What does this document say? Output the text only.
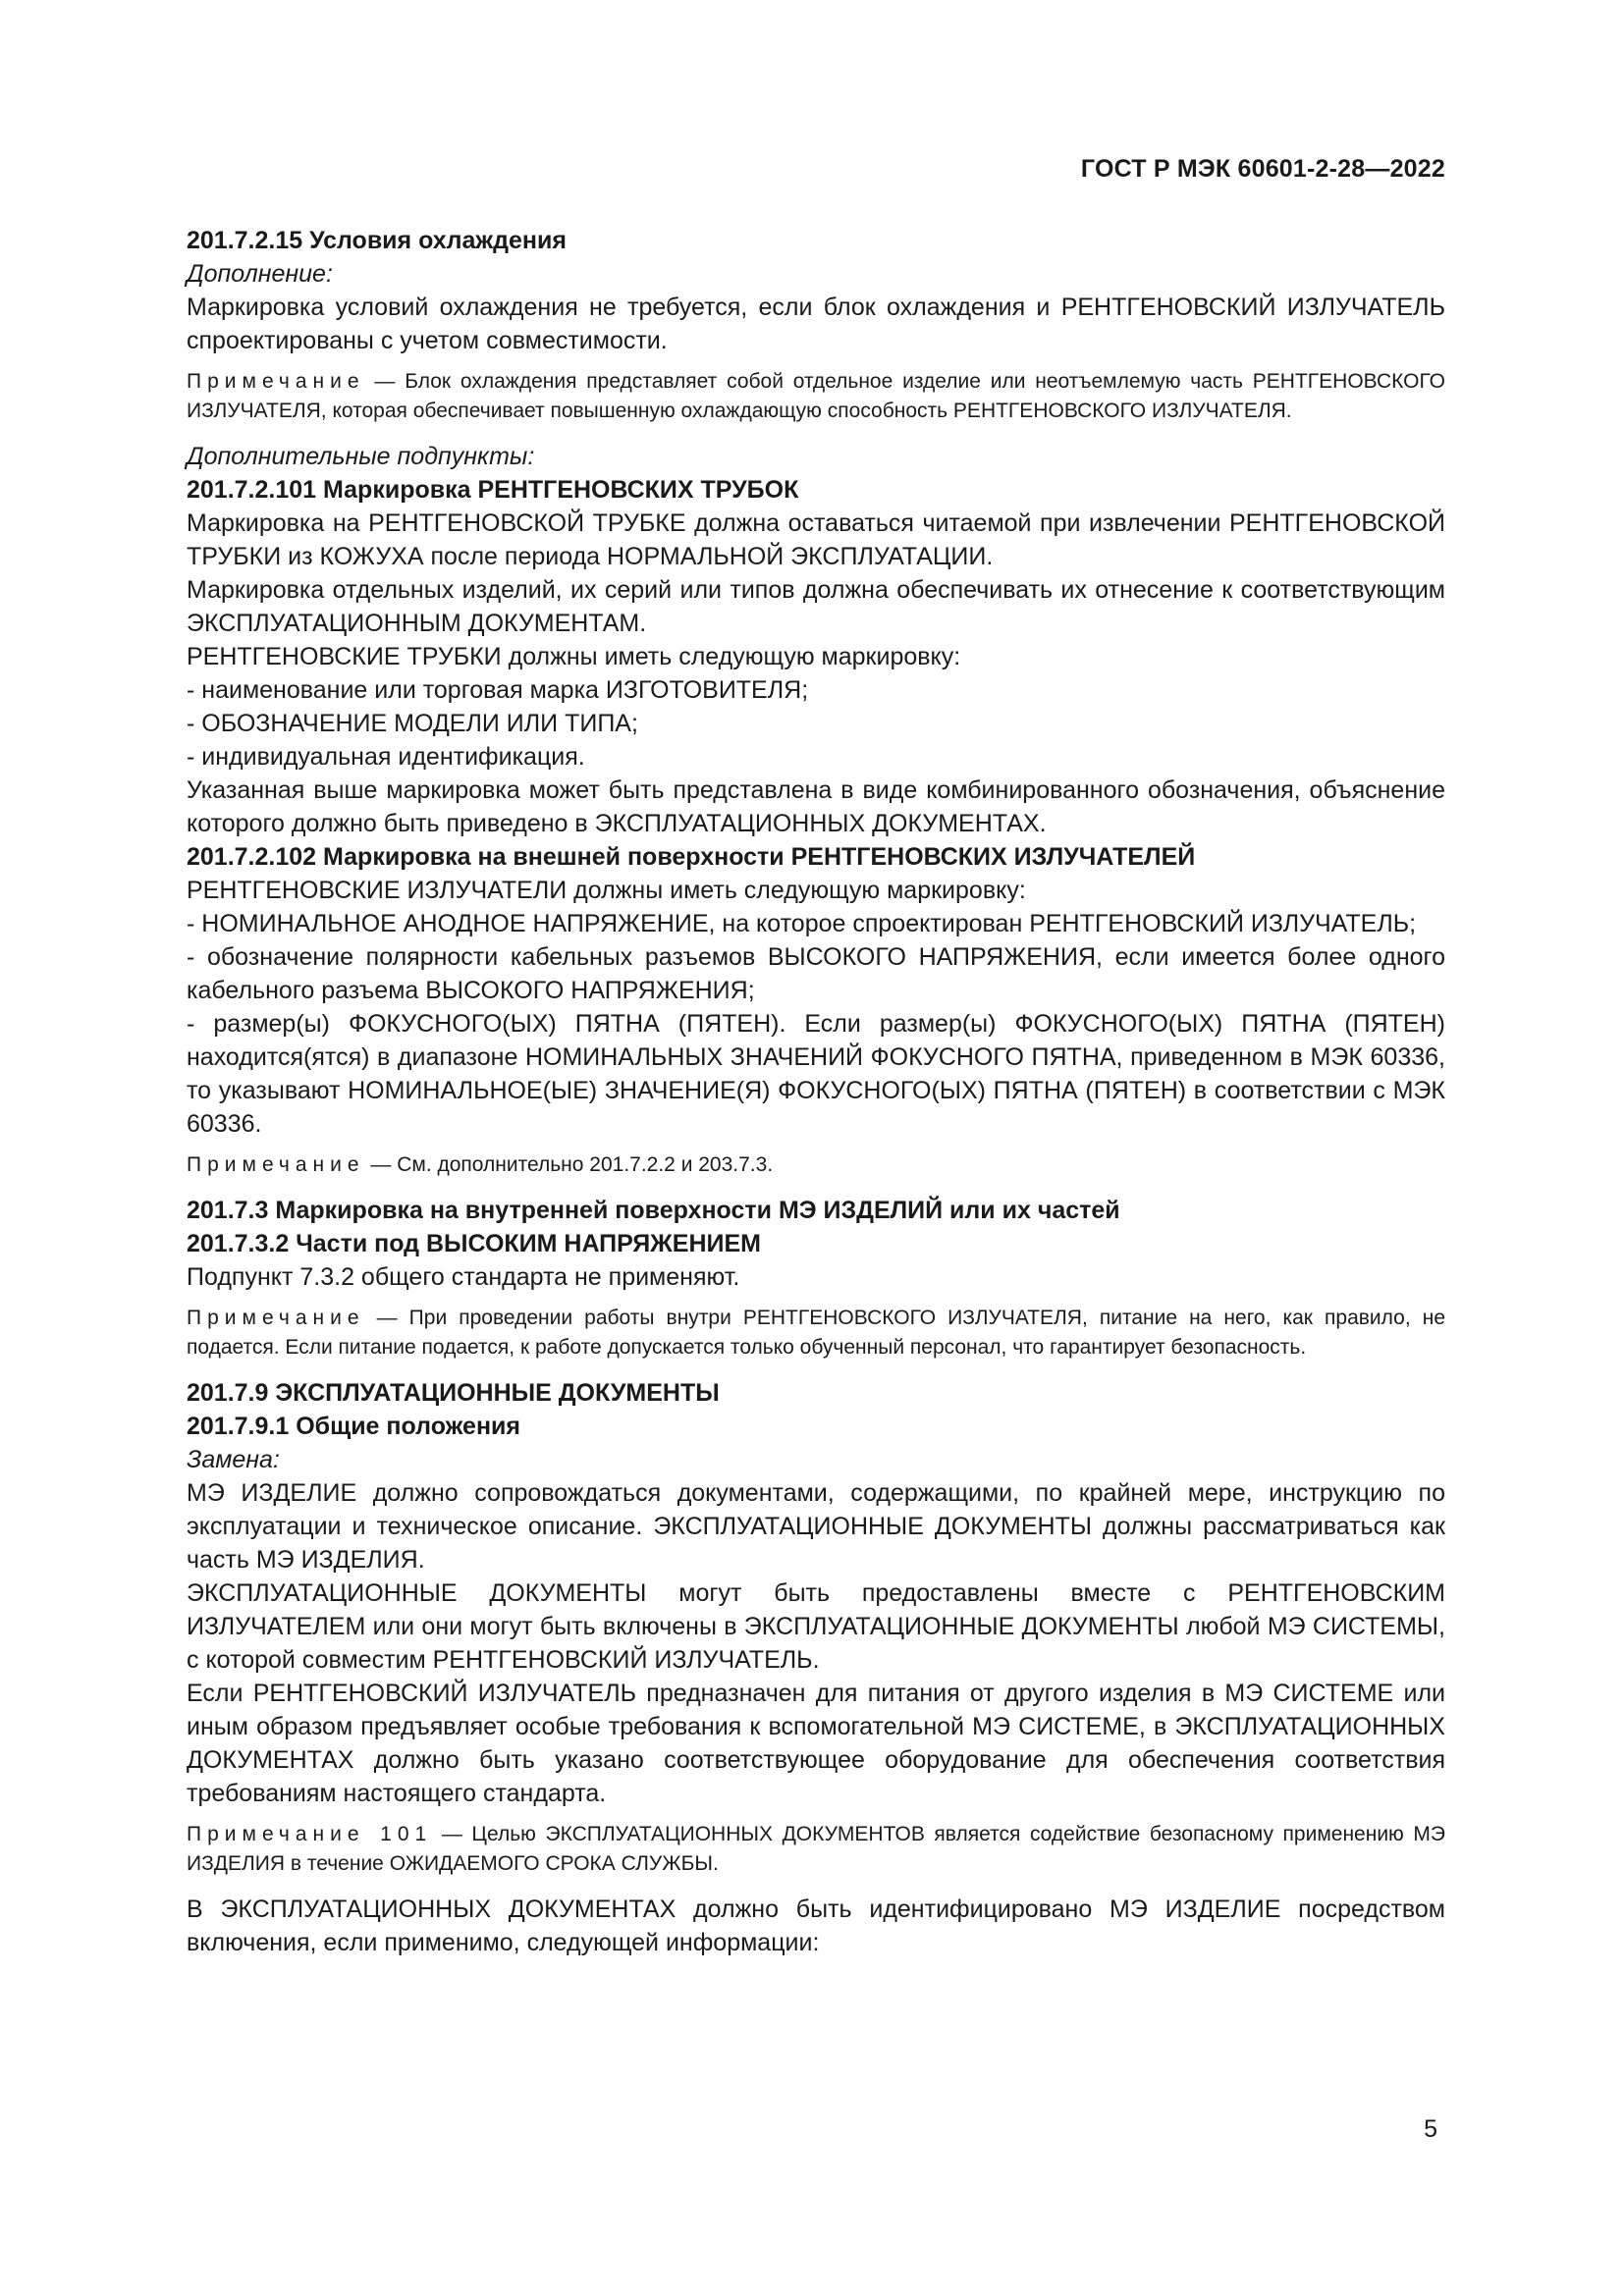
ГОСТ Р МЭК 60601-2-28—2022

201.7.2.15 Условия охлаждения

Дополнение:

Маркировка условий охлаждения не требуется, если блок охлаждения и РЕНТГЕНОВСКИЙ ИЗЛУЧАТЕЛЬ спроектированы с учетом совместимости.

Примечание — Блок охлаждения представляет собой отдельное изделие или неотъемлемую часть РЕНТГЕНОВСКОГО ИЗЛУЧАТЕЛЯ, которая обеспечивает повышенную охлаждающую способность РЕНТГЕНОВСКОГО ИЗЛУЧАТЕЛЯ.

Дополнительные подпункты:

201.7.2.101 Маркировка РЕНТГЕНОВСКИХ ТРУБОК

Маркировка на РЕНТГЕНОВСКОЙ ТРУБКЕ должна оставаться читаемой при извлечении РЕНТГЕНОВСКОЙ ТРУБКИ из КОЖУХА после периода НОРМАЛЬНОЙ ЭКСПЛУАТАЦИИ.

Маркировка отдельных изделий, их серий или типов должна обеспечивать их отнесение к соответствующим ЭКСПЛУАТАЦИОННЫМ ДОКУМЕНТАМ.

РЕНТГЕНОВСКИЕ ТРУБКИ должны иметь следующую маркировку:

- наименование или торговая марка ИЗГОТОВИТЕЛЯ;

- ОБОЗНАЧЕНИЕ МОДЕЛИ ИЛИ ТИПА;

- индивидуальная идентификация.

Указанная выше маркировка может быть представлена в виде комбинированного обозначения, объяснение которого должно быть приведено в ЭКСПЛУАТАЦИОННЫХ ДОКУМЕНТАХ.

201.7.2.102 Маркировка на внешней поверхности РЕНТГЕНОВСКИХ ИЗЛУЧАТЕЛЕЙ

РЕНТГЕНОВСКИЕ ИЗЛУЧАТЕЛИ должны иметь следующую маркировку:

- НОМИНАЛЬНОЕ АНОДНОЕ НАПРЯЖЕНИЕ, на которое спроектирован РЕНТГЕНОВСКИЙ ИЗЛУЧАТЕЛЬ;

- обозначение полярности кабельных разъемов ВЫСОКОГО НАПРЯЖЕНИЯ, если имеется более одного кабельного разъема ВЫСОКОГО НАПРЯЖЕНИЯ;

- размер(ы) ФОКУСНОГО(ЫХ) ПЯТНА (ПЯТЕН). Если размер(ы) ФОКУСНОГО(ЫХ) ПЯТНА (ПЯТЕН) находится(ятся) в диапазоне НОМИНАЛЬНЫХ ЗНАЧЕНИЙ ФОКУСНОГО ПЯТНА, приведенном в МЭК 60336, то указывают НОМИНАЛЬНОЕ(ЫЕ) ЗНАЧЕНИЕ(Я) ФОКУСНОГО(ЫХ) ПЯТНА (ПЯТЕН) в соответствии с МЭК 60336.

Примечание — См. дополнительно 201.7.2.2 и 203.7.3.

201.7.3 Маркировка на внутренней поверхности МЭ ИЗДЕЛИЙ или их частей

201.7.3.2 Части под ВЫСОКИМ НАПРЯЖЕНИЕМ

Подпункт 7.3.2 общего стандарта не применяют.

Примечание — При проведении работы внутри РЕНТГЕНОВСКОГО ИЗЛУЧАТЕЛЯ, питание на него, как правило, не подается. Если питание подается, к работе допускается только обученный персонал, что гарантирует безопасность.

201.7.9 ЭКСПЛУАТАЦИОННЫЕ ДОКУМЕНТЫ

201.7.9.1 Общие положения

Замена:

МЭ ИЗДЕЛИЕ должно сопровождаться документами, содержащими, по крайней мере, инструкцию по эксплуатации и техническое описание. ЭКСПЛУАТАЦИОННЫЕ ДОКУМЕНТЫ должны рассматриваться как часть МЭ ИЗДЕЛИЯ.

ЭКСПЛУАТАЦИОННЫЕ ДОКУМЕНТЫ могут быть предоставлены вместе с РЕНТГЕНОВСКИМ ИЗЛУЧАТЕЛЕМ или они могут быть включены в ЭКСПЛУАТАЦИОННЫЕ ДОКУМЕНТЫ любой МЭ СИСТЕМЫ, с которой совместим РЕНТГЕНОВСКИЙ ИЗЛУЧАТЕЛЬ.

Если РЕНТГЕНОВСКИЙ ИЗЛУЧАТЕЛЬ предназначен для питания от другого изделия в МЭ СИСТЕМЕ или иным образом предъявляет особые требования к вспомогательной МЭ СИСТЕМЕ, в ЭКСПЛУАТАЦИОННЫХ ДОКУМЕНТАХ должно быть указано соответствующее оборудование для обеспечения соответствия требованиям настоящего стандарта.

Примечание 101 — Целью ЭКСПЛУАТАЦИОННЫХ ДОКУМЕНТОВ является содействие безопасному применению МЭ ИЗДЕЛИЯ в течение ОЖИДАЕМОГО СРОКА СЛУЖБЫ.

В ЭКСПЛУАТАЦИОННЫХ ДОКУМЕНТАХ должно быть идентифицировано МЭ ИЗДЕЛИЕ посредством включения, если применимо, следующей информации:

5
